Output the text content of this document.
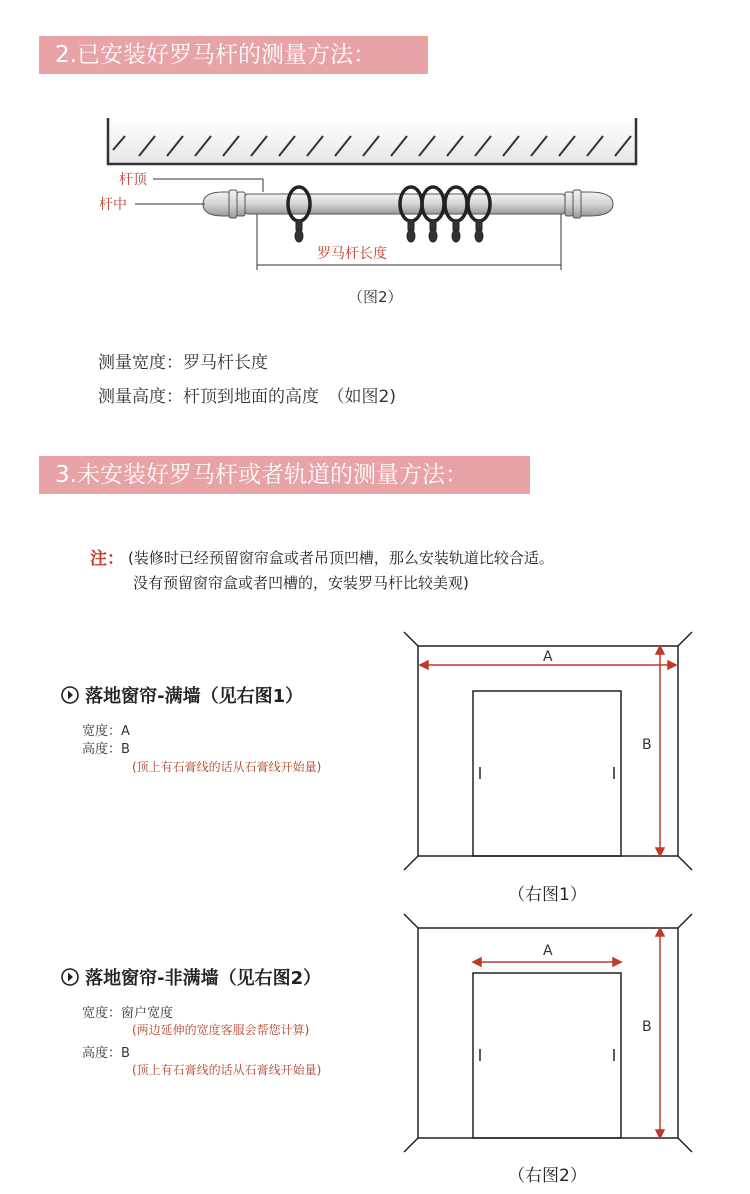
2.已安装好罗马杆的测量方法：
杆顶
杆中
罗马杆长度
（图2）
测量宽度：罗马杆长度
测量高度：杆顶到地面的高度　（如图2)
3.未安装好罗马杆或者轨道的测量方法：
注： (装修时已经预留窗帘盒或者吊顶凹槽，那么安装轨道比较合适。
没有预留窗帘盒或者凹槽的，安装罗马杆比较美观)
落地窗帘-满墙（见右图1）
宽度：A
高度：B
(顶上有石膏线的话从石膏线开始量)
A
B
（右图1）
落地窗帘-非满墙（见右图2）
宽度：窗户宽度
(两边延伸的宽度客服会帮您计算)
高度：B
(顶上有石膏线的话从石膏线开始量)
A
B
（右图2）
